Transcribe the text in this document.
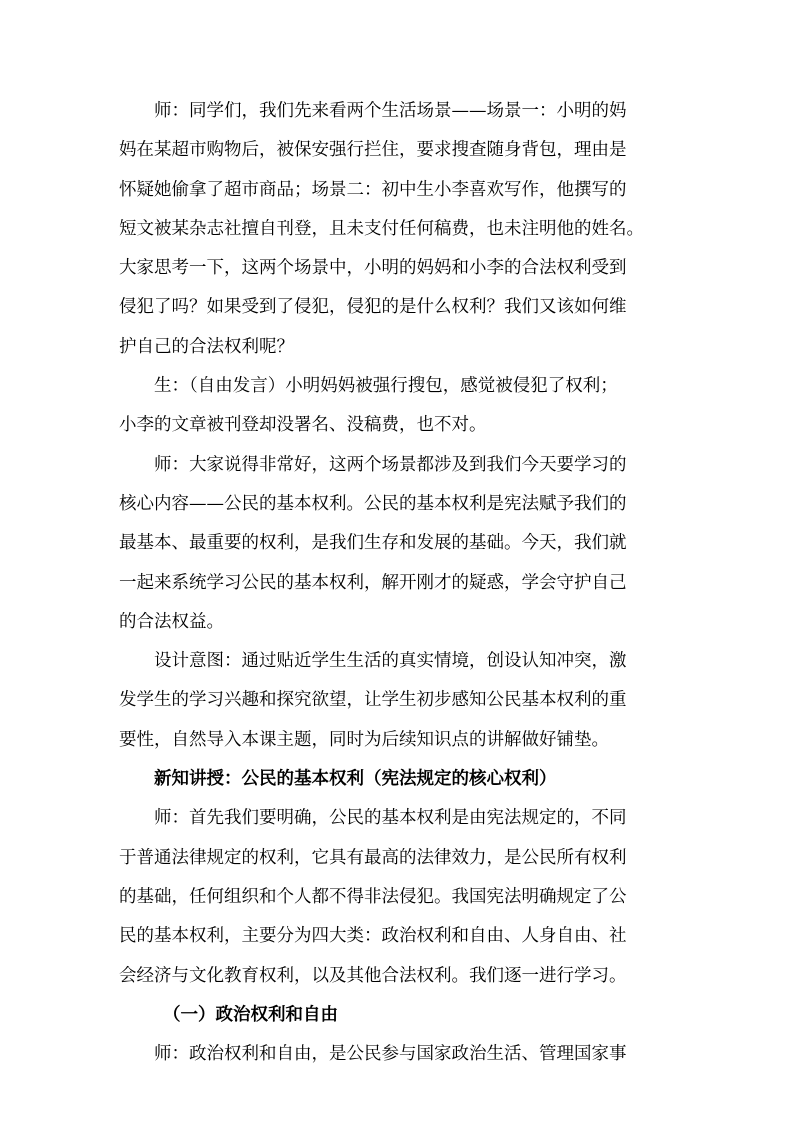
师：同学们，我们先来看两个生活场景——场景一：小明的妈
妈在某超市购物后，被保安强行拦住，要求搜查随身背包，理由是
怀疑她偷拿了超市商品；场景二：初中生小李喜欢写作，他撰写的
短文被某杂志社擅自刊登，且未支付任何稿费，也未注明他的姓名。
大家思考一下，这两个场景中，小明的妈妈和小李的合法权利受到
侵犯了吗？如果受到了侵犯，侵犯的是什么权利？我们又该如何维
护自己的合法权利呢？
生：（自由发言）小明妈妈被强行搜包，感觉被侵犯了权利；
小李的文章被刊登却没署名、没稿费，也不对。
师：大家说得非常好，这两个场景都涉及到我们今天要学习的
核心内容——公民的基本权利。公民的基本权利是宪法赋予我们的
最基本、最重要的权利，是我们生存和发展的基础。今天，我们就
一起来系统学习公民的基本权利，解开刚才的疑惑，学会守护自己
的合法权益。
设计意图：通过贴近学生生活的真实情境，创设认知冲突，激
发学生的学习兴趣和探究欲望，让学生初步感知公民基本权利的重
要性，自然导入本课主题，同时为后续知识点的讲解做好铺垫。
新知讲授：公民的基本权利（宪法规定的核心权利）
师：首先我们要明确，公民的基本权利是由宪法规定的，不同
于普通法律规定的权利，它具有最高的法律效力，是公民所有权利
的基础，任何组织和个人都不得非法侵犯。我国宪法明确规定了公
民的基本权利，主要分为四大类：政治权利和自由、人身自由、社
会经济与文化教育权利，以及其他合法权利。我们逐一进行学习。
（一）政治权利和自由
师：政治权利和自由，是公民参与国家政治生活、管理国家事
